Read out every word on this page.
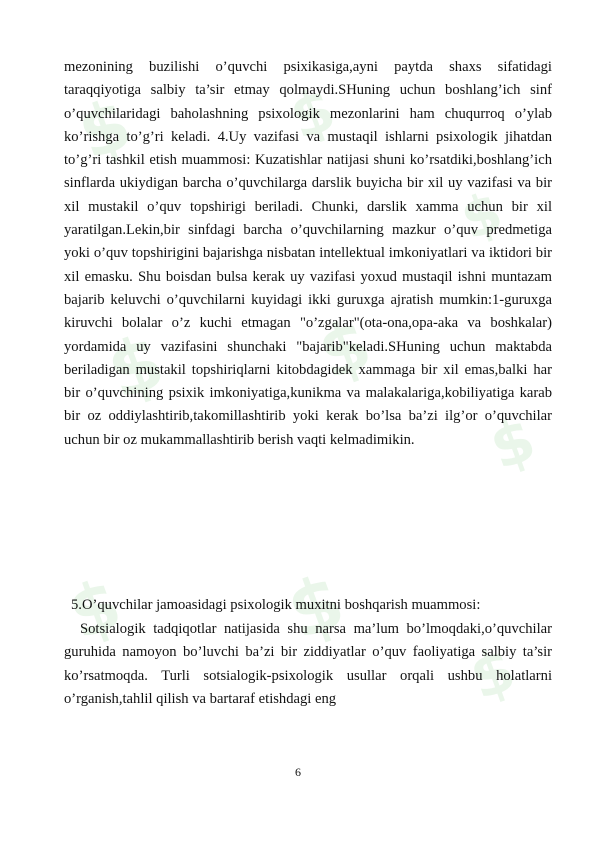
$ $
$
$ $
$
$ $
$

mezonining buzilishi o’quvchi psixikasiga,ayni paytda shaxs sifatidagi taraqqiyotiga salbiy ta’sir etmay qolmaydi.SHuning uchun boshlang’ich sinf o’quvchilaridagi baholashning psixologik mezonlarini ham chuqurroq o’ylab ko’rishga to’g’ri keladi. 4.Uy vazifasi va mustaqil ishlarni psixologik jihatdan to’g’ri tashkil etish muammosi: Kuzatishlar natijasi shuni ko’rsatdiki,boshlang’ich sinflarda ukiydigan barcha o’quvchilarga darslik buyicha bir xil uy vazifasi va bir xil mustakil o’quv topshirigi beriladi. Chunki, darslik xamma uchun bir xil yaratilgan.Lekin,bir sinfdagi barcha o’quvchilarning mazkur o’quv predmetiga yoki o’quv topshirigini bajarishga nisbatan intellektual imkoniyatlari va iktidori bir xil emasku. Shu boisdan bulsa kerak uy vazifasi yoxud mustaqil ishni muntazam bajarib keluvchi o’quvchilarni kuyidagi ikki guruxga ajratish mumkin:1-guruxga kiruvchi bolalar o’z kuchi etmagan "o’zgalar"(ota-ona,opa-aka va boshkalar) yordamida uy vazifasini shunchaki "bajarib"keladi.SHuning uchun maktabda beriladigan mustakil topshiriqlarni kitobdagidek xammaga bir xil emas,balki har bir o’quvchining psixik imkoniyatiga,kunikma va malakalariga,kobiliyatiga karab bir oz oddiylashtirib,takomillashtirib yoki kerak bo’lsa ba’zi ilg’or o’quvchilar uchun bir oz mukammallashtirib berish vaqti kelmadimikin.

5.O’quvchilar jamoasidagi psixologik muxitni boshqarish muammosi:

Sotsialogik tadqiqotlar natijasida shu narsa ma’lum bo’lmoqdaki,o’quvchilar guruhida namoyon bo’luvchi ba’zi bir ziddiyatlar o’quv faoliyatiga salbiy ta’sir ko’rsatmoqda. Turli sotsialogik-psixologik usullar orqali ushbu holatlarni o’rganish,tahlil qilish va bartaraf etishdagi eng

6
